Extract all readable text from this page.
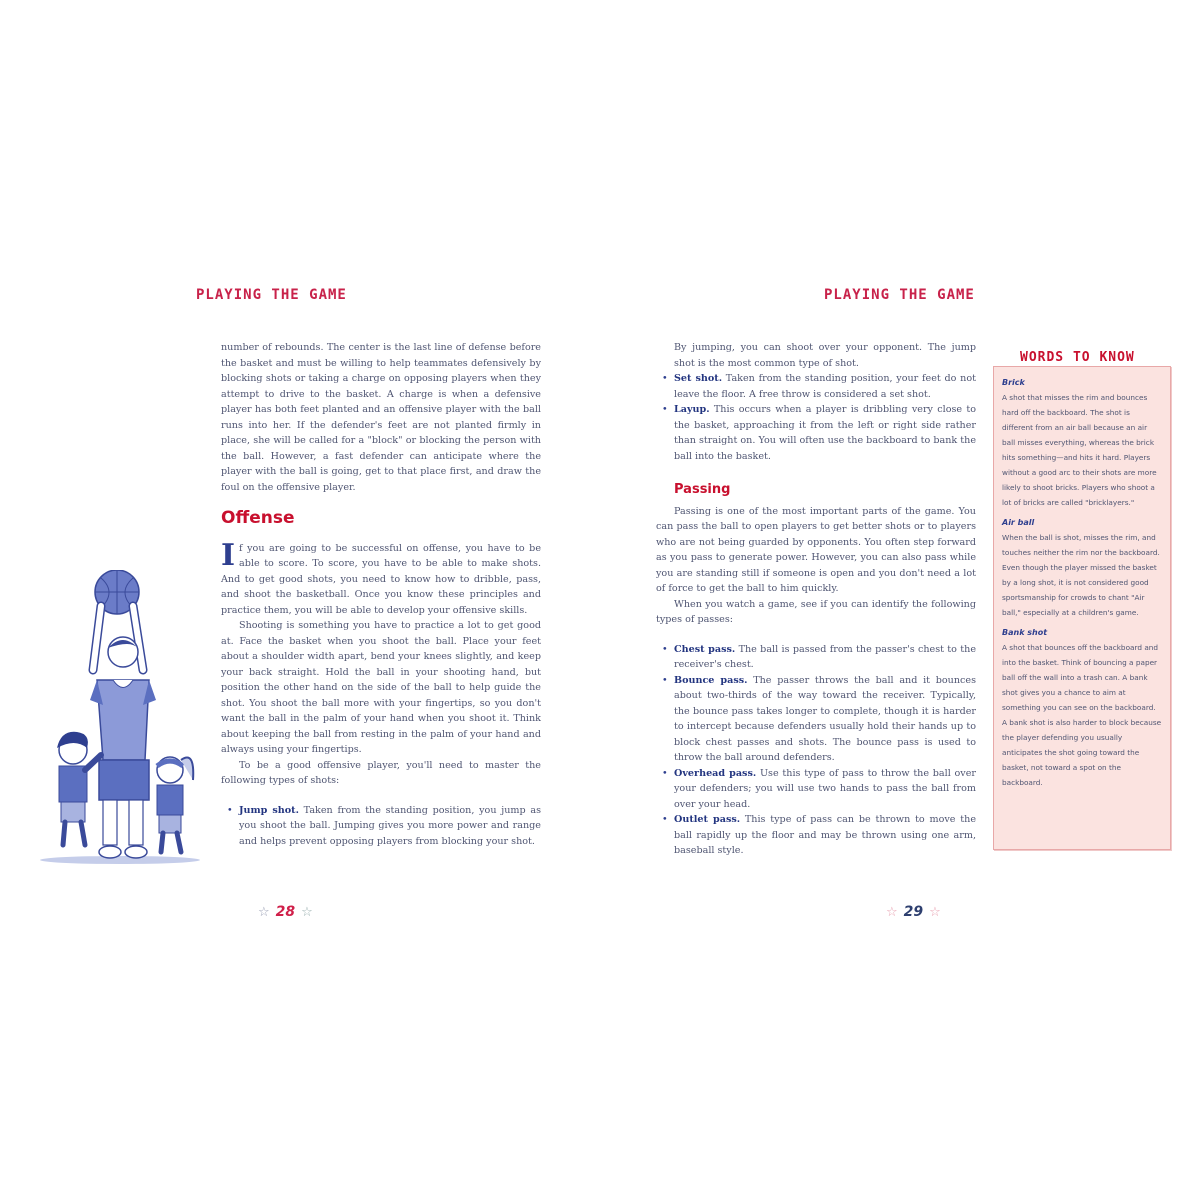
PLAYING THE GAME

number of rebounds. The center is the last line of defense before the basket and must be willing to help teammates defensively by blocking shots or taking a charge on opposing players when they attempt to drive to the basket. A charge is when a defensive player has both feet planted and an offensive player with the ball runs into her. If the defender's feet are not planted firmly in place, she will be called for a "block" or blocking the person with the ball. However, a fast defender can anticipate where the player with the ball is going, get to that place first, and draw the foul on the offensive player.

Offense

If you are going to be successful on offense, you have to be able to score. To score, you have to be able to make shots. And to get good shots, you need to know how to dribble, pass, and shoot the basketball. Once you know these principles and practice them, you will be able to develop your offensive skills.

Shooting is something you have to practice a lot to get good at. Face the basket when you shoot the ball. Place your feet about a shoulder width apart, bend your knees slightly, and keep your back straight. Hold the ball in your shooting hand, but position the other hand on the side of the ball to help guide the shot. You shoot the ball more with your fingertips, so you don't want the ball in the palm of your hand when you shoot it. Think about keeping the ball from resting in the palm of your hand and always using your fingertips.

To be a good offensive player, you'll need to master the following types of shots:

• Jump shot. Taken from the standing position, you jump as you shoot the ball. Jumping gives you more power and range and helps prevent opposing players from blocking your shot.
☆ 28 ☆
PLAYING THE GAME

By jumping, you can shoot over your opponent. The jump shot is the most common type of shot.

• Set shot. Taken from the standing position, your feet do not leave the floor. A free throw is considered a set shot.
• Layup. This occurs when a player is dribbling very close to the basket, approaching it from the left or right side rather than straight on. You will often use the backboard to bank the ball into the basket.
Passing

Passing is one of the most important parts of the game. You can pass the ball to open players to get better shots or to players who are not being guarded by opponents. You often step forward as you pass to generate power. However, you can also pass while you are standing still if someone is open and you don't need a lot of force to get the ball to him quickly.

When you watch a game, see if you can identify the following types of passes:

• Chest pass. The ball is passed from the passer's chest to the receiver's chest.
• Bounce pass. The passer throws the ball and it bounces about two-thirds of the way toward the receiver. Typically, the bounce pass takes longer to complete, though it is harder to intercept because defenders usually hold their hands up to block chest passes and shots. The bounce pass is used to throw the ball around defenders.
• Overhead pass. Use this type of pass to throw the ball over your defenders; you will use two hands to pass the ball from over your head.
• Outlet pass. This type of pass can be thrown to move the ball rapidly up the floor and may be thrown using one arm, baseball style.
☆ 29 ☆
WORDS TO KNOW
Brick
A shot that misses the rim and bounces hard off the backboard. The shot is different from an air ball because an air ball misses everything, whereas the brick hits something—and hits it hard. Players without a good arc to their shots are more likely to shoot bricks. Players who shoot a lot of bricks are called "bricklayers."
Air ball
When the ball is shot, misses the rim, and touches neither the rim nor the backboard. Even though the player missed the basket by a long shot, it is not considered good sportsmanship for crowds to chant "Air ball," especially at a children's game.
Bank shot
A shot that bounces off the backboard and into the basket. Think of bouncing a paper ball off the wall into a trash can. A bank shot gives you a chance to aim at something you can see on the backboard. A bank shot is also harder to block because the player defending you usually anticipates the shot going toward the basket, not toward a spot on the backboard.
